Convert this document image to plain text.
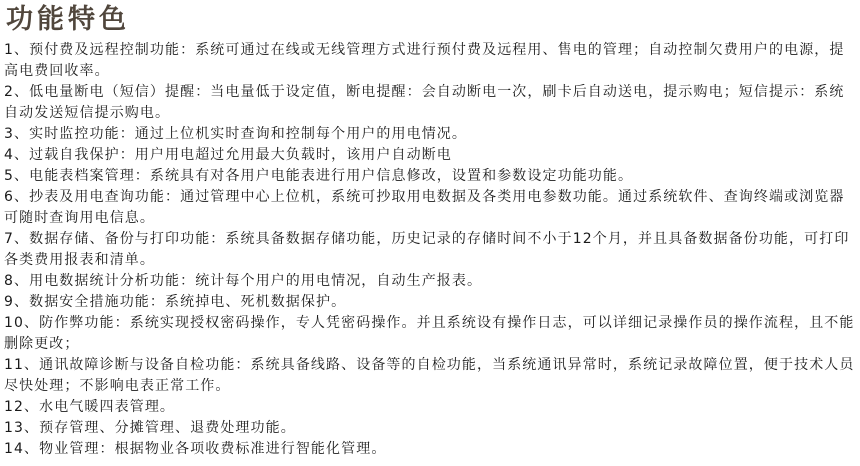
功能特色
1、预付费及远程控制功能：系统可通过在线或无线管理方式进行预付费及远程用、售电的管理；自动控制欠费用户的电源，提高电费回收率。
2、低电量断电（短信）提醒：当电量低于设定值，断电提醒：会自动断电一次，刷卡后自动送电，提示购电；短信提示：系统自动发送短信提示购电。
3、实时监控功能：通过上位机实时查询和控制每个用户的用电情况。
4、过载自我保护：用户用电超过允用最大负载时，该用户自动断电
5、电能表档案管理：系统具有对各用户电能表进行用户信息修改，设置和参数设定功能功能。
6、抄表及用电查询功能：通过管理中心上位机，系统可抄取用电数据及各类用电参数功能。通过系统软件、查询终端或浏览器可随时查询用电信息。
7、数据存储、备份与打印功能：系统具备数据存储功能，历史记录的存储时间不小于12个月，并且具备数据备份功能，可打印各类费用报表和清单。
8、用电数据统计分析功能：统计每个用户的用电情况，自动生产报表。
9、数据安全措施功能：系统掉电、死机数据保护。
10、防作弊功能：系统实现授权密码操作，专人凭密码操作。并且系统设有操作日志，可以详细记录操作员的操作流程，且不能删除更改；
11、通讯故障诊断与设备自检功能：系统具备线路、设备等的自检功能，当系统通讯异常时，系统记录故障位置，便于技术人员尽快处理；不影响电表正常工作。
12、水电气暖四表管理。
13、预存管理、分摊管理、退费处理功能。
14、物业管理：根据物业各项收费标准进行智能化管理。
